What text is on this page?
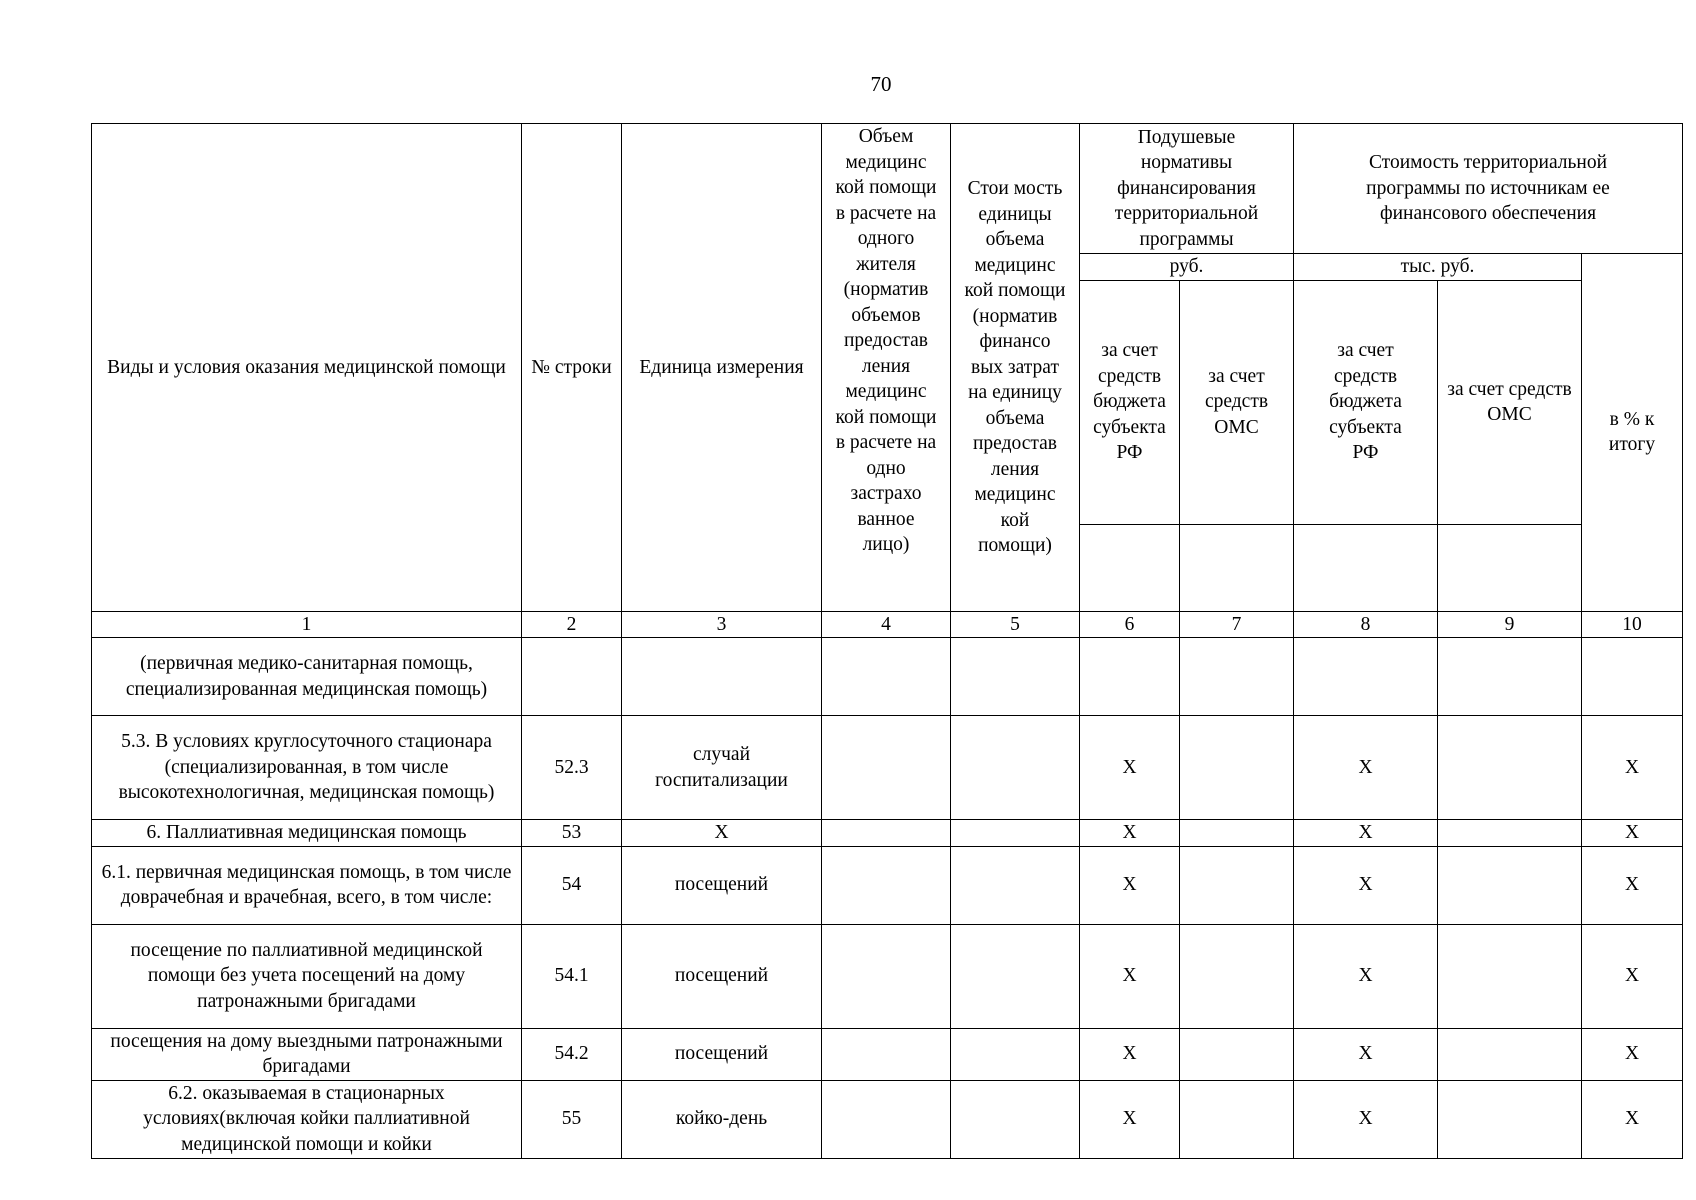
70
Виды и условия оказания медицинской помощи	№ строки	Единица измерения	Объем медицинс кой помощи в расчете на одного жителя (норматив объемов предостав ления медицинс кой помощи в расчете на одно застрахо ванное лицо)	Стои мость единицы объема медицинс кой помощи (норматив финансо вых затрат на единицу объема предостав ления медицинс кой помощи)	Подушевые нормативы финансирования территориальной программы		Стоимость территориальной программы по источникам ее финансового обеспечения		
					руб.		тыс. руб.		в % к итогу
					за счет средств бюджета субъекта РФ	за счет средств ОМС	за счет средств бюджета субъекта РФ	за счет средств ОМС	

1	2	3	4	5	6	7	8	9	10
(первичная медико-санитарная помощь, специализированная медицинская помощь)									
5.3. В условиях круглосуточного стационара (специализированная, в том числе высокотехнологичная, медицинская помощь)	52.3	случай госпитализации			X		X		X
6. Паллиативная медицинская помощь	53	X			X		X		X
6.1. первичная медицинская помощь, в том числе доврачебная и врачебная, всего, в том числе:	54	посещений			X		X		X
посещение по паллиативной медицинской помощи без учета посещений на дому патронажными бригадами	54.1	посещений			X		X		X
посещения на дому выездными патронажными бригадами	54.2	посещений			X		X		X
6.2. оказываемая в стационарных условиях(включая койки паллиативной медицинской помощи и койки	55	койко-день			X		X		X
